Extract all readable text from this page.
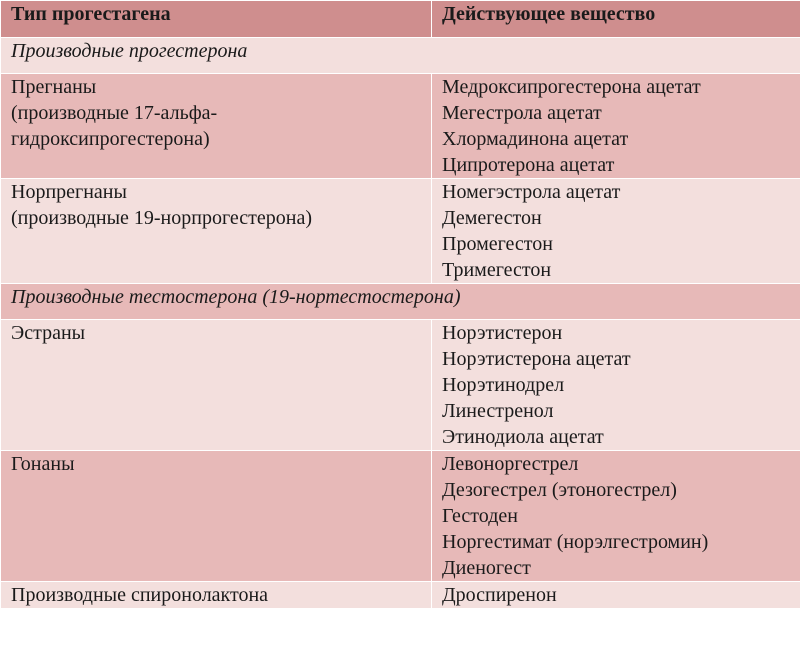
Тип прогестагена	Действующее вещество
Производные прогестерона	

Прегнаны
(производные 17-альфа-
гидроксипрогестерона)	Медроксипрогестерона ацетат
Мегестрола ацетат
Хлормадинона ацетат
Ципротерона ацетат

Норпрегнаны
(производные 19-норпрогестерона)	Номегэстрола ацетат
Демегестон
Промегестон
Тримегестон

Производные тестостерона (19-нортестостерона)	

Эстраны	Норэтистерон
Норэтистерона ацетат
Норэтинодрел
Линестренол
Этинодиола ацетат

Гонаны	Левоноргестрел
Дезогестрел (этоногестрел)
Гестоден
Норгестимат (норэлгестромин)
Диеногест

Производные спиронолактона	Дроспиренон
